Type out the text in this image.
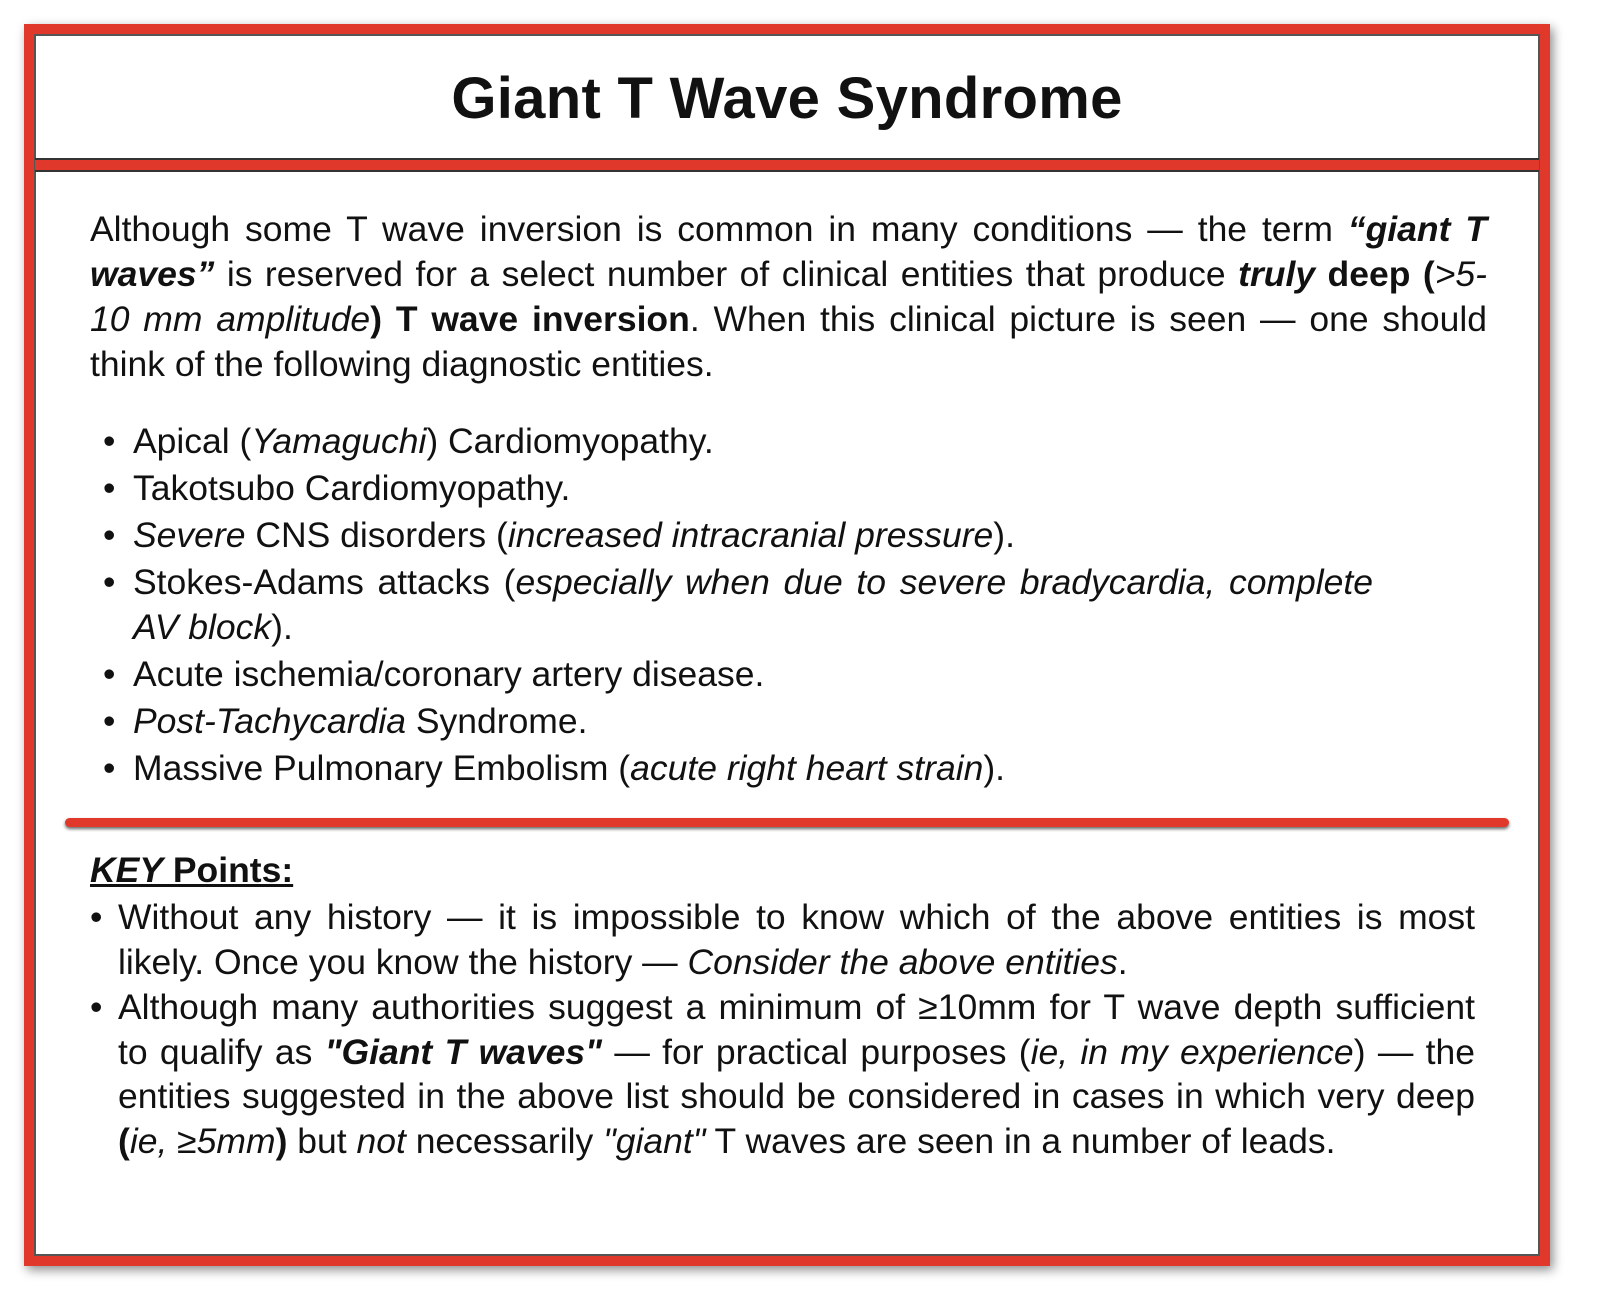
Giant T Wave Syndrome

Although some T wave inversion is common in many conditions — the term “giant T waves” is reserved for a select number of clinical entities that produce truly deep (>5-10 mm amplitude) T wave inversion. When this clinical picture is seen — one should think of the following diagnostic entities.

• Apical (Yamaguchi) Cardiomyopathy.
• Takotsubo Cardiomyopathy.
• Severe CNS disorders (increased intracranial pressure).
• Stokes-Adams attacks (especially when due to severe bradycardia, complete AV block).
• Acute ischemia/coronary artery disease.
• Post-Tachycardia Syndrome.
• Massive Pulmonary Embolism (acute right heart strain).

KEY Points:

• Without any history — it is impossible to know which of the above entities is most likely. Once you know the history — Consider the above entities.
• Although many authorities suggest a minimum of ≥10mm for T wave depth sufficient to qualify as "Giant T waves" — for practical purposes (ie, in my experience) — the entities suggested in the above list should be considered in cases in which very deep (ie, ≥5mm) but not necessarily "giant" T waves are seen in a number of leads.
